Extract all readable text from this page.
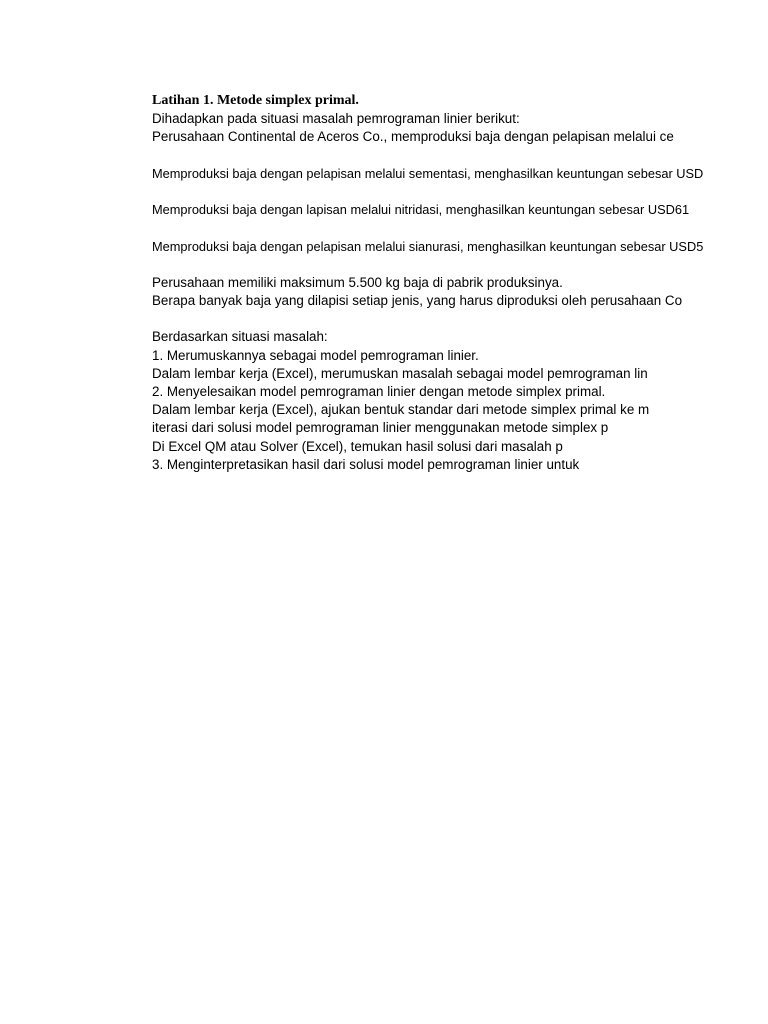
Latihan 1. Metode simplex primal.
Dihadapkan pada situasi masalah pemrograman linier berikut:
Perusahaan Continental de Aceros Co., memproduksi baja dengan pelapisan melalui ce
Memproduksi baja dengan pelapisan melalui sementasi, menghasilkan keuntungan sebesar USD
Memproduksi baja dengan lapisan melalui nitridasi, menghasilkan keuntungan sebesar USD61
Memproduksi baja dengan pelapisan melalui sianurasi, menghasilkan keuntungan sebesar USD5
Perusahaan memiliki maksimum 5.500 kg baja di pabrik produksinya.
Berapa banyak baja yang dilapisi setiap jenis, yang harus diproduksi oleh perusahaan Co
Berdasarkan situasi masalah:
1. Merumuskannya sebagai model pemrograman linier.
Dalam lembar kerja (Excel), merumuskan masalah sebagai model pemrograman lin
2. Menyelesaikan model pemrograman linier dengan metode simplex primal.
Dalam lembar kerja (Excel), ajukan bentuk standar dari metode simplex primal ke m
iterasi dari solusi model pemrograman linier menggunakan metode simplex p
Di Excel QM atau Solver (Excel), temukan hasil solusi dari masalah p
3. Menginterpretasikan hasil dari solusi model pemrograman linier untuk
